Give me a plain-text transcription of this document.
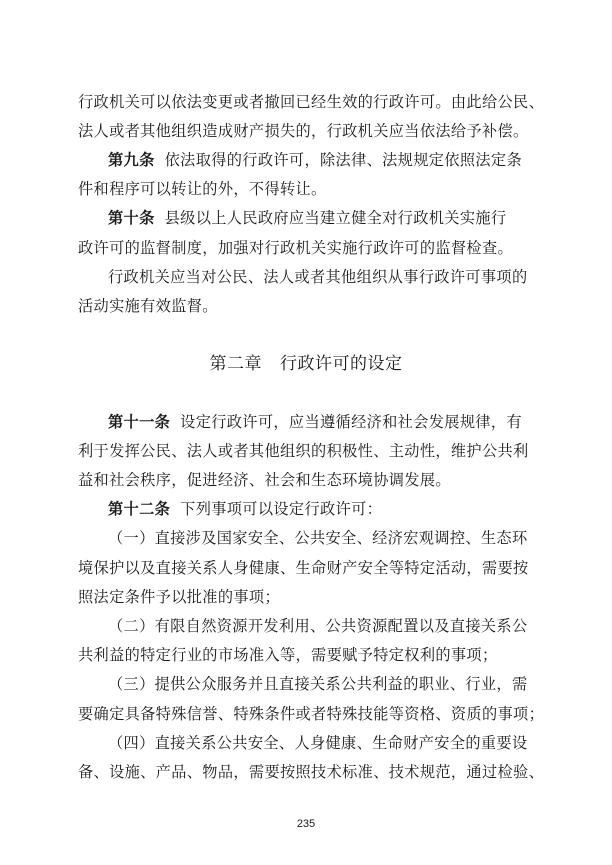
行政机关可以依法变更或者撤回已经生效的行政许可。由此给公民、
法人或者其他组织造成财产损失的，行政机关应当依法给予补偿。
第九条 依法取得的行政许可，除法律、法规规定依照法定条
件和程序可以转让的外，不得转让。
第十条 县级以上人民政府应当建立健全对行政机关实施行
政许可的监督制度，加强对行政机关实施行政许可的监督检查。
行政机关应当对公民、法人或者其他组织从事行政许可事项的
活动实施有效监督。
第二章 行政许可的设定
第十一条 设定行政许可，应当遵循经济和社会发展规律，有
利于发挥公民、法人或者其他组织的积极性、主动性，维护公共利
益和社会秩序，促进经济、社会和生态环境协调发展。
第十二条 下列事项可以设定行政许可：
（一）直接涉及国家安全、公共安全、经济宏观调控、生态环
境保护以及直接关系人身健康、生命财产安全等特定活动，需要按
照法定条件予以批准的事项；
（二）有限自然资源开发利用、公共资源配置以及直接关系公
共利益的特定行业的市场准入等，需要赋予特定权利的事项；
（三）提供公众服务并且直接关系公共利益的职业、行业，需
要确定具备特殊信誉、特殊条件或者特殊技能等资格、资质的事项；
（四）直接关系公共安全、人身健康、生命财产安全的重要设
备、设施、产品、物品，需要按照技术标准、技术规范，通过检验、
235
